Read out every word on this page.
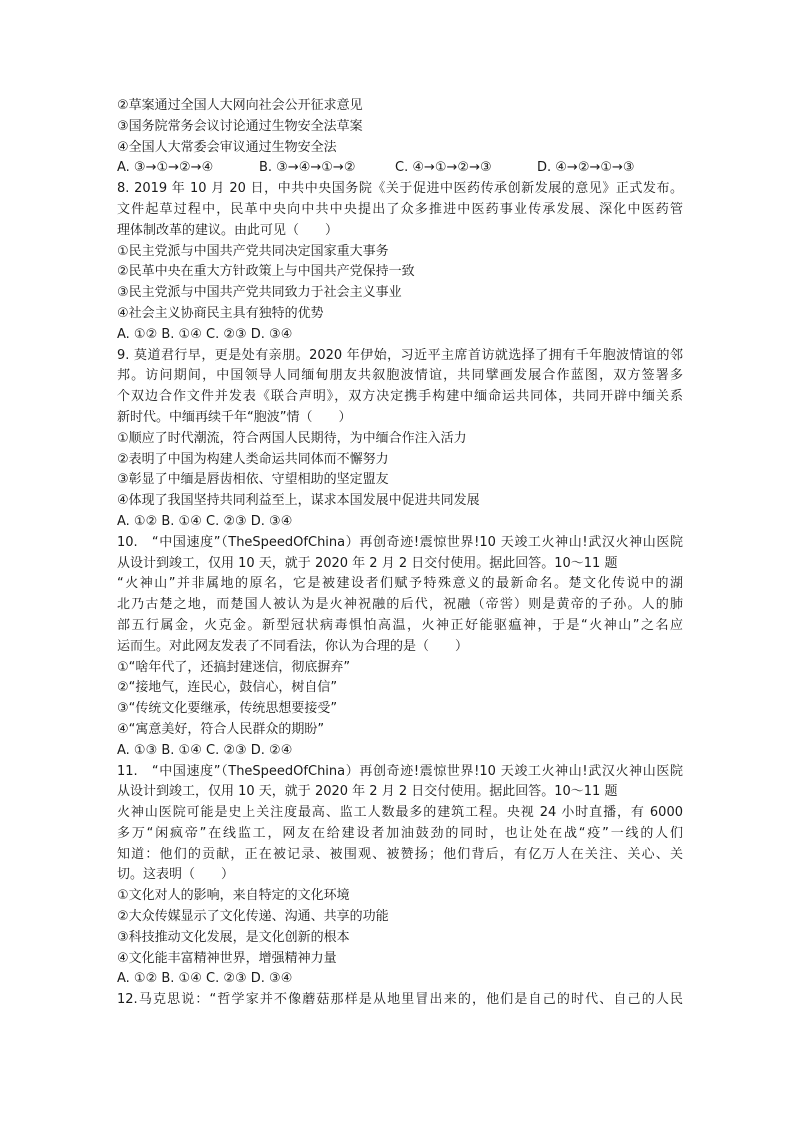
②草案通过全国人大网向社会公开征求意见
③国务院常务会议讨论通过生物安全法草案
④全国人大常委会审议通过生物安全法
A. ③→①→②→④	B. ③→④→①→②	C. ④→①→②→③	D. ④→②→①→③
8. 2019 年 10 月 20 日，中共中央国务院《关于促进中医药传承创新发展的意见》正式发布。
文件起草过程中，民革中央向中共中央提出了众多推进中医药事业传承发展、深化中医药管
理体制改革的建议。由此可见（　　）
①民主党派与中国共产党共同决定国家重大事务
②民革中央在重大方针政策上与中国共产党保持一致
③民主党派与中国共产党共同致力于社会主义事业
④社会主义协商民主具有独特的优势
A. ①② B. ①④ C. ②③ D. ③④
9. 莫道君行早，更是处有亲朋。2020 年伊始，习近平主席首访就选择了拥有千年胞波情谊的邻
邦。访问期间，中国领导人同缅甸朋友共叙胞波情谊，共同擘画发展合作蓝图，双方签署多
个双边合作文件并发表《联合声明》，双方决定携手构建中缅命运共同体，共同开辟中缅关系
新时代。中缅再续千年“胞波”情（　　）
①顺应了时代潮流，符合两国人民期待，为中缅合作注入活力
②表明了中国为构建人类命运共同体而不懈努力
③彰显了中缅是唇齿相依、守望相助的坚定盟友
④体现了我国坚持共同利益至上，谋求本国发展中促进共同发展
A. ①② B. ①④ C. ②③ D. ③④
10.　“中国速度”（TheSpeedOfChina）再创奇迹!震惊世界!10 天竣工火神山!武汉火神山医院
从设计到竣工，仅用 10 天，就于 2020 年 2 月 2 日交付使用。据此回答。10～11 题
“火神山”并非属地的原名，它是被建设者们赋予特殊意义的最新命名。楚文化传说中的湖
北乃古楚之地，而楚国人被认为是火神祝融的后代，祝融（帝喾）则是黄帝的子孙。人的肺
部五行属金，火克金。新型冠状病毒惧怕高温，火神正好能驱瘟神，于是“火神山”之名应
运而生。对此网友发表了不同看法，你认为合理的是（　　）
①“啥年代了，还搞封建迷信，彻底摒弃”
②“接地气，连民心，鼓信心，树自信”
③“传统文化要继承，传统思想要接受”
④“寓意美好，符合人民群众的期盼”
A. ①③ B. ①④ C. ②③ D. ②④
11.　“中国速度”（TheSpeedOfChina）再创奇迹!震惊世界!10 天竣工火神山!武汉火神山医院
从设计到竣工，仅用 10 天，就于 2020 年 2 月 2 日交付使用。据此回答。10～11 题
火神山医院可能是史上关注度最高、监工人数最多的建筑工程。央视 24 小时直播，有 6000
多万“闲疯帝”在线监工，网友在给建设者加油鼓劲的同时，也让处在战“疫”一线的人们
知道：他们的贡献，正在被记录、被围观、被赞扬；他们背后，有亿万人在关注、关心、关
切。这表明（　　）
①文化对人的影响，来自特定的文化环境
②大众传媒显示了文化传递、沟通、共享的功能
③科技推动文化发展，是文化创新的根本
④文化能丰富精神世界，增强精神力量
A. ①② B. ①④ C. ②③ D. ③④
12.马克思说：“哲学家并不像蘑菇那样是从地里冒出来的，他们是自己的时代、自己的人民
